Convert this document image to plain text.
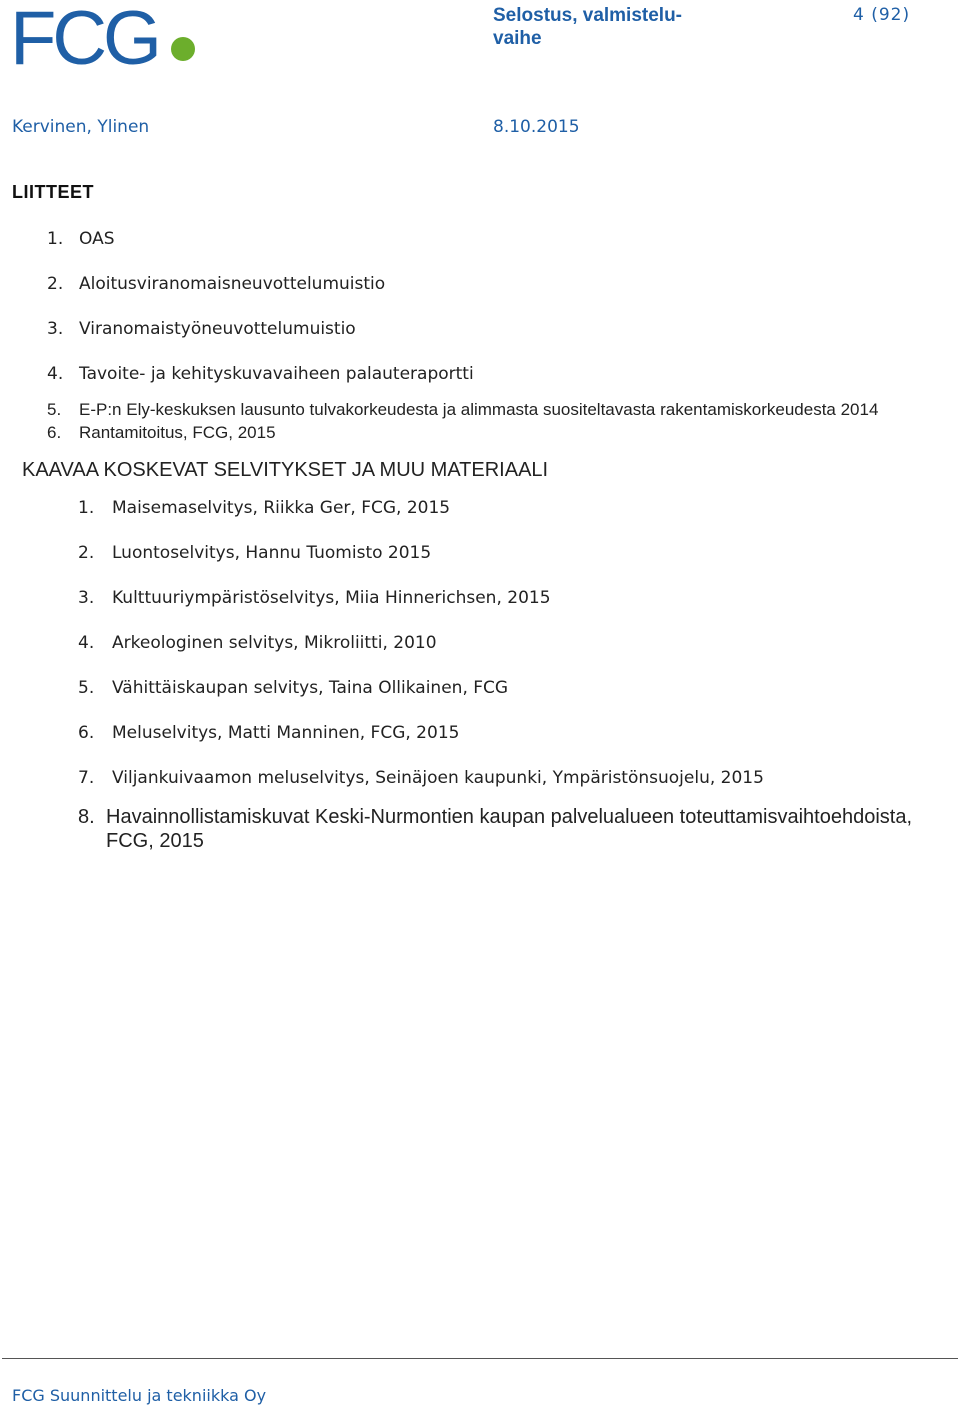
FCG	Selostus, valmistelu-
vaihe
4 (92)
Kervinen, Ylinen	8.10.2015
LIITTEET
1. OAS
2. Aloitusviranomaisneuvottelumuistio
3. Viranomaistyöneuvottelumuistio
4. Tavoite- ja kehityskuvavaiheen palauteraportti
5. E-P:n Ely-keskuksen lausunto tulvakorkeudesta ja alimmasta suositeltavasta rakentamiskorkeudesta 2014
6. Rantamitoitus, FCG, 2015
KAAVAA KOSKEVAT SELVITYKSET JA MUU MATERIAALI
1. Maisemaselvitys, Riikka Ger, FCG, 2015
2. Luontoselvitys, Hannu Tuomisto 2015
3. Kulttuuriympäristöselvitys, Miia Hinnerichsen, 2015
4. Arkeologinen selvitys, Mikroliitti, 2010
5. Vähittäiskaupan selvitys, Taina Ollikainen, FCG
6. Meluselvitys, Matti Manninen, FCG, 2015
7. Viljankuivaamon meluselvitys, Seinäjoen kaupunki, Ympäristönsuojelu, 2015
8. Havainnollistamiskuvat Keski-Nurmontien kaupan palvelualueen toteuttamisvaihtoehdoista,
FCG, 2015
FCG Suunnittelu ja tekniikka Oy
